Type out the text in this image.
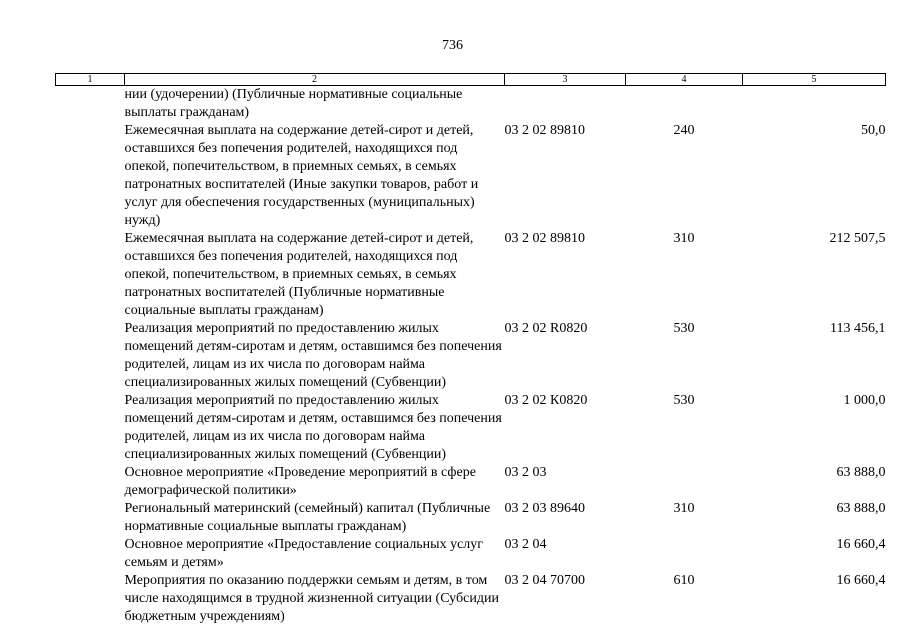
736
1	2	3	4	5
	нии (удочерении) (Публичные нормативные социальные выплаты гражданам)			
	Ежемесячная выплата на содержание детей-сирот и детей, оставшихся без попечения родителей, находящихся под опекой, попечительством, в приемных семьях, в семьях патронатных воспитателей (Иные закупки товаров, работ и услуг для обеспечения государственных (муниципальных) нужд)	03 2 02 89810	240	50,0
	Ежемесячная выплата на содержание детей-сирот и детей, оставшихся без попечения родителей, находящихся под опекой, попечительством, в приемных семьях, в семьях патронатных воспитателей (Публичные нормативные социальные выплаты гражданам)	03 2 02 89810	310	212 507,5
	Реализация мероприятий по предоставлению жилых помещений детям-сиротам и детям, оставшимся без попечения родителей, лицам из их числа по договорам найма специализированных жилых помещений (Субвенции)	03 2 02 R0820	530	113 456,1
	Реализация мероприятий по предоставлению жилых помещений детям-сиротам и детям, оставшимся без попечения родителей, лицам из их числа по договорам найма специализированных жилых помещений (Субвенции)	03 2 02 К0820	530	1 000,0
	Основное мероприятие «Проведение мероприятий в сфере демографической политики»	03 2 03		63 888,0
	Региональный материнский (семейный) капитал (Публичные нормативные социальные выплаты гражданам)	03 2 03 89640	310	63 888,0
	Основное мероприятие «Предоставление социальных услуг семьям и детям»	03 2 04		16 660,4
	Мероприятия по оказанию поддержки семьям и детям, в том числе находящимся в трудной жизненной ситуации (Субсидии бюджетным учреждениям)	03 2 04 70700	610	16 660,4
